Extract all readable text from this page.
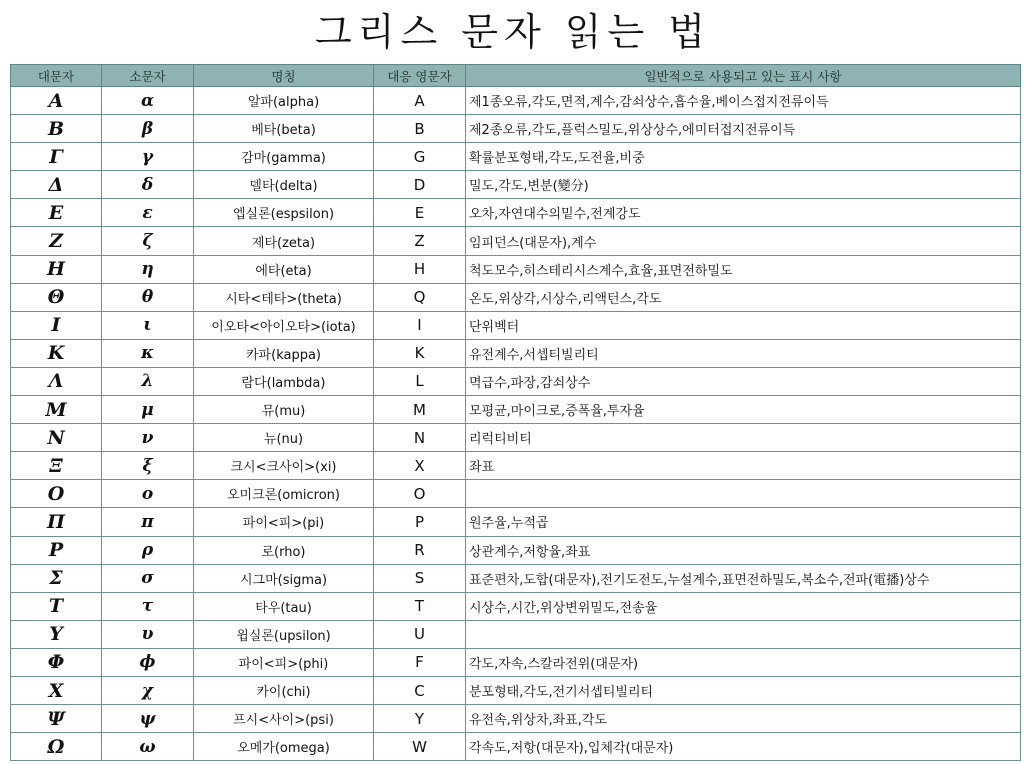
그리스 문자 읽는 법
대문자	소문자	명칭	대응 영문자	일반적으로 사용되고 있는 표시 사항
Α	α	알파(alpha)	A	제1종오류,각도,면적,계수,감쇠상수,흡수율,베이스접지전류이득
Β	β	베타(beta)	B	제2종오류,각도,플럭스밀도,위상상수,에미터접지전류이득
Γ	γ	감마(gamma)	G	확률분포형태,각도,도전율,비중
Δ	δ	델타(delta)	D	밀도,각도,변분(變分)
Ε	ε	엡실론(espsilon)	E	오차,자연대수의밑수,전계강도
Ζ	ζ	제타(zeta)	Z	임피던스(대문자),계수
Η	η	에타(eta)	H	척도모수,히스테리시스계수,효율,표면전하밀도
Θ	θ	시타<테타>(theta)	Q	온도,위상각,시상수,리액턴스,각도
Ι	ι	이오타<아이오타>(iota)	I	단위벡터
Κ	κ	카파(kappa)	K	유전계수,서셉티빌리티
Λ	λ	람다(lambda)	L	멱급수,파장,감쇠상수
Μ	μ	뮤(mu)	M	모평균,마이크로,증폭율,투자율
Ν	ν	뉴(nu)	N	리럭티비티
Ξ	ξ	크시<크사이>(xi)	X	좌표
Ο	ο	오미크론(omicron)	O	
Π	π	파이<피>(pi)	P	원주율,누적곱
Ρ	ρ	로(rho)	R	상관계수,저항율,좌표
Σ	σ	시그마(sigma)	S	표준편차,도합(대문자),전기도전도,누설계수,표면전하밀도,복소수,전파(電播)상수
Τ	τ	타우(tau)	T	시상수,시간,위상변위밀도,전송율
Υ	υ	윕실론(upsilon)	U	
Φ	ϕ	파이<피>(phi)	F	각도,자속,스칼라전위(대문자)
Χ	χ	카이(chi)	C	분포형태,각도,전기서셉티빌리티
Ψ	ψ	프시<사이>(psi)	Y	유전속,위상차,좌표,각도
Ω	ω	오메가(omega)	W	각속도,저항(대문자),입체각(대문자)
